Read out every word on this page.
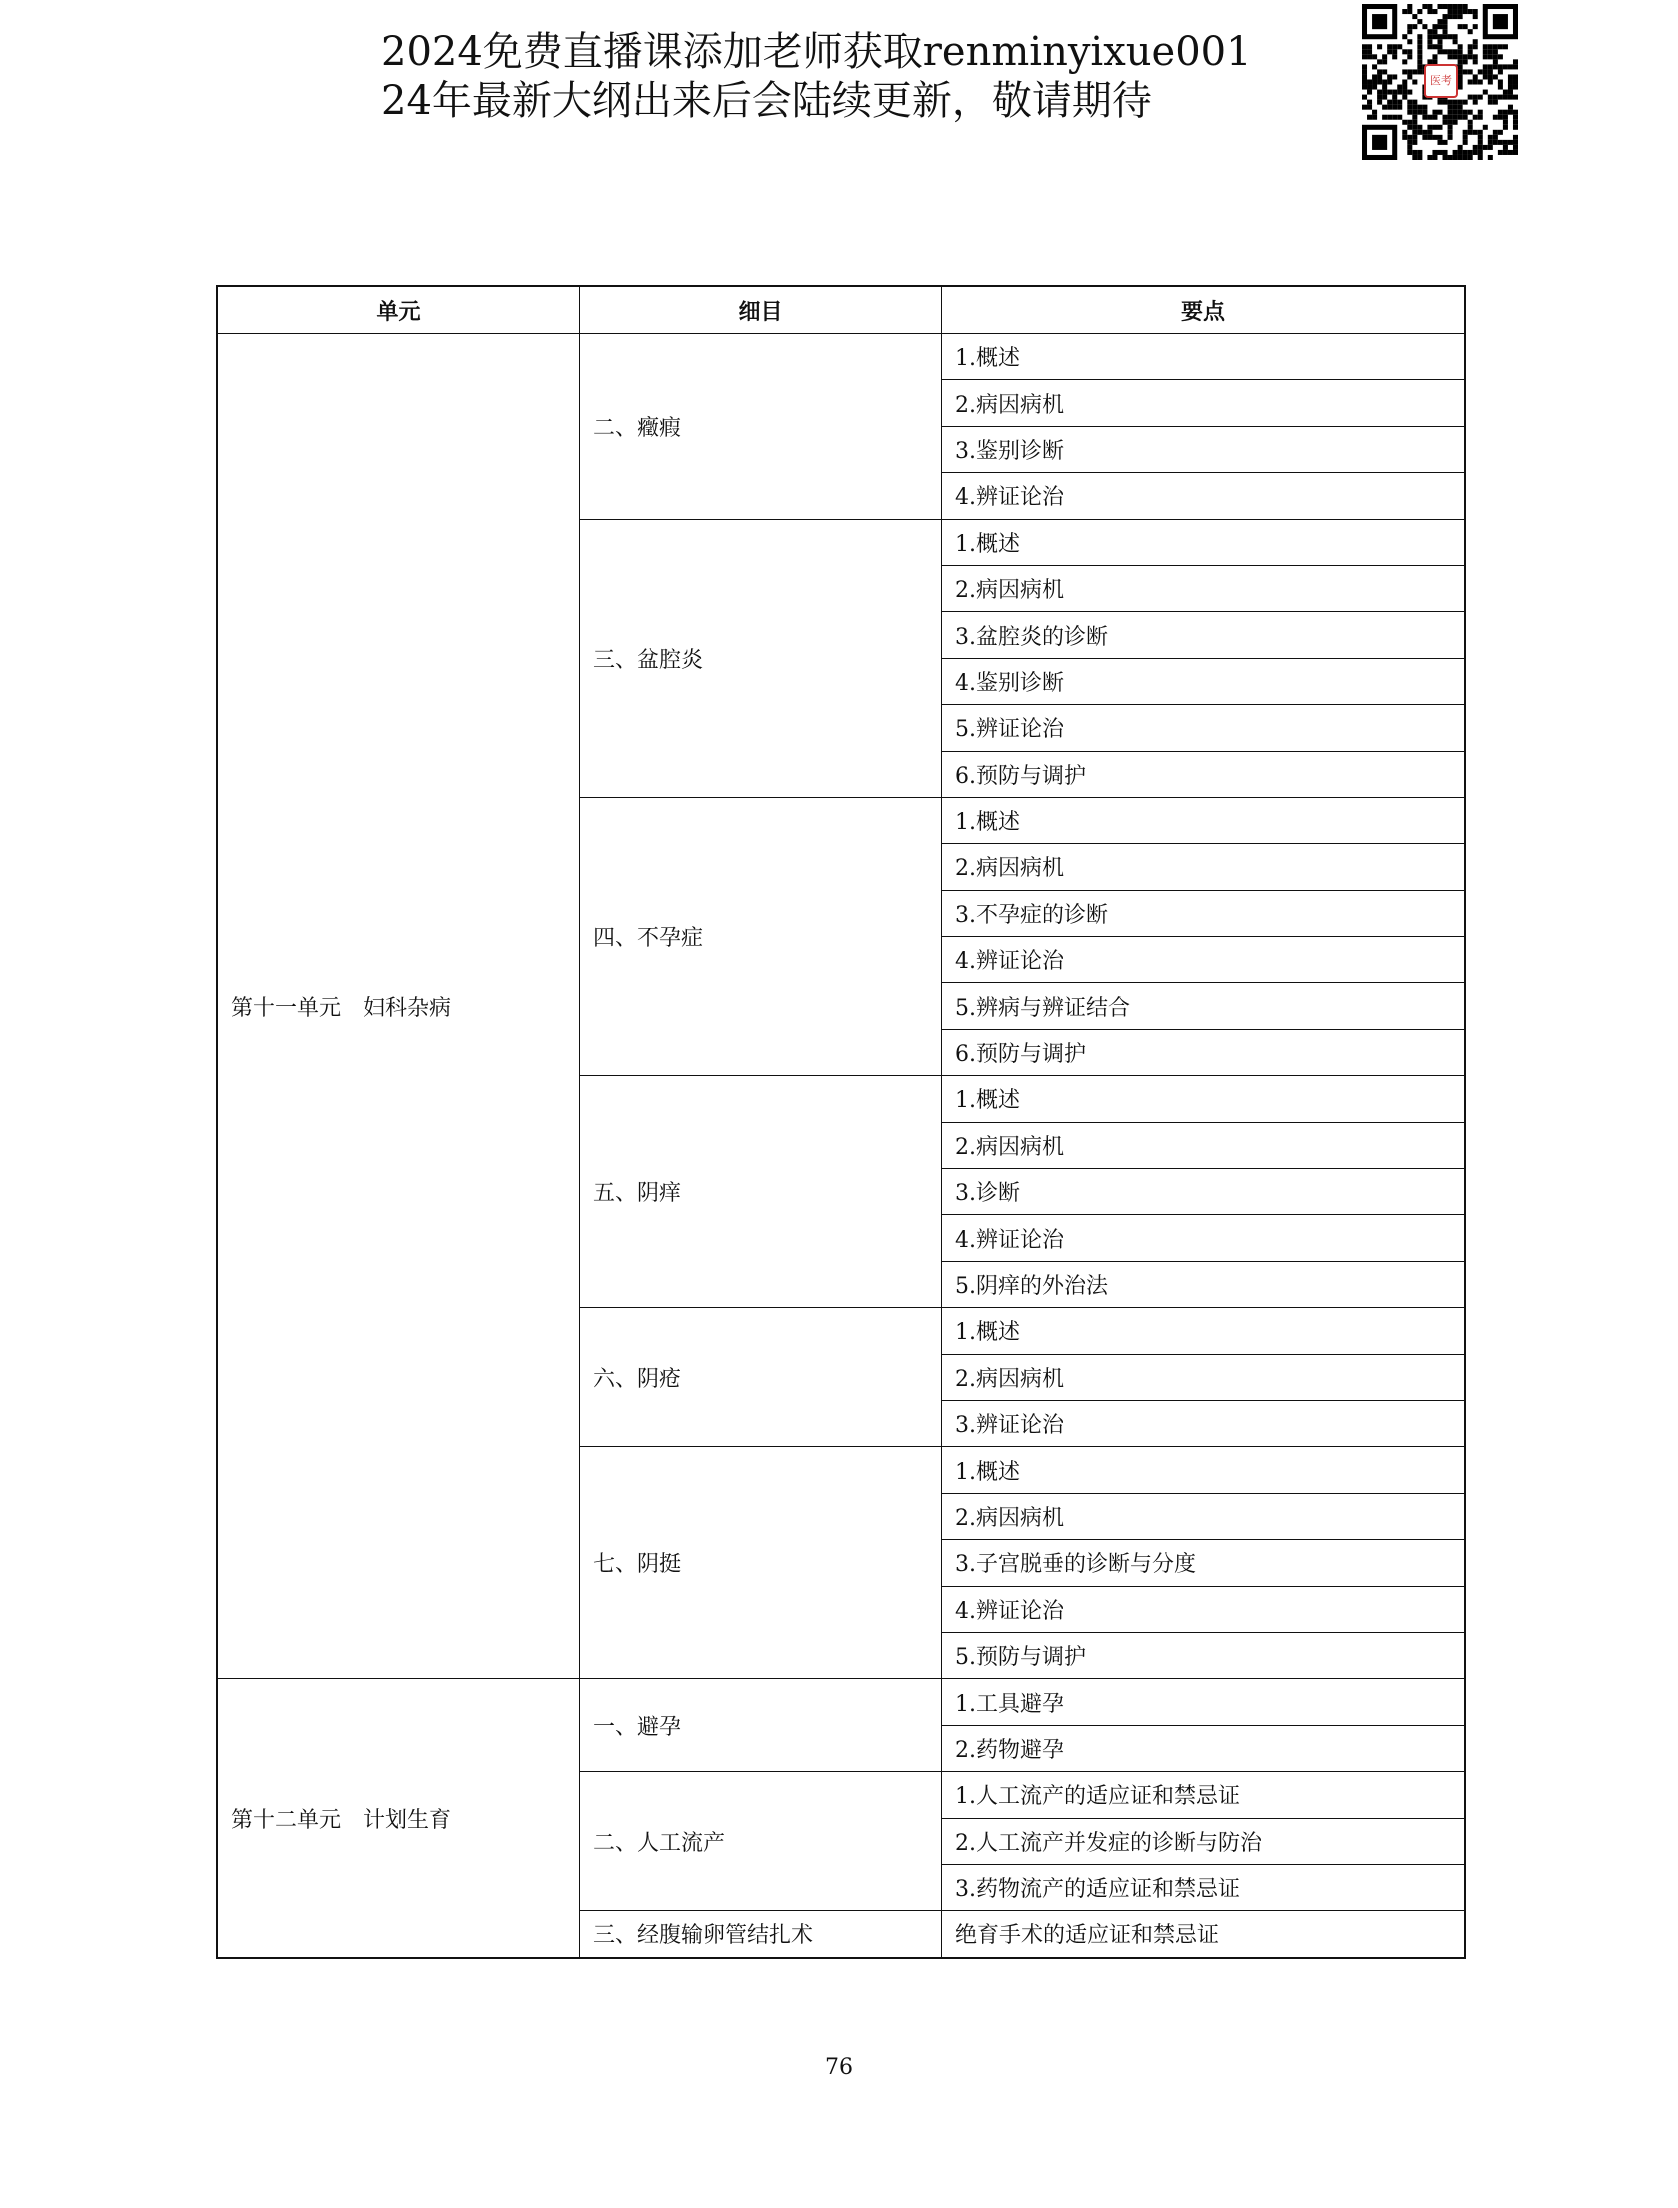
2024免费直播课添加老师获取renminyixue001
24年最新大纲出来后会陆续更新，敬请期待	医考
单元	细目	要点
第十一单元　妇科杂病	二、癥瘕	1.概述
		2.病因病机
		3.鉴别诊断
		4.辨证论治
	三、盆腔炎	1.概述
		2.病因病机
		3.盆腔炎的诊断
		4.鉴别诊断
		5.辨证论治
		6.预防与调护
	四、不孕症	1.概述
		2.病因病机
		3.不孕症的诊断
		4.辨证论治
		5.辨病与辨证结合
		6.预防与调护
	五、阴痒	1.概述
		2.病因病机
		3.诊断
		4.辨证论治
		5.阴痒的外治法
	六、阴疮	1.概述
		2.病因病机
		3.辨证论治
	七、阴挺	1.概述
		2.病因病机
		3.子宫脱垂的诊断与分度
		4.辨证论治
		5.预防与调护
第十二单元　计划生育	一、避孕	1.工具避孕
		2.药物避孕
	二、人工流产	1.人工流产的适应证和禁忌证
		2.人工流产并发症的诊断与防治
		3.药物流产的适应证和禁忌证
	三、经腹输卵管结扎术	绝育手术的适应证和禁忌证
76
